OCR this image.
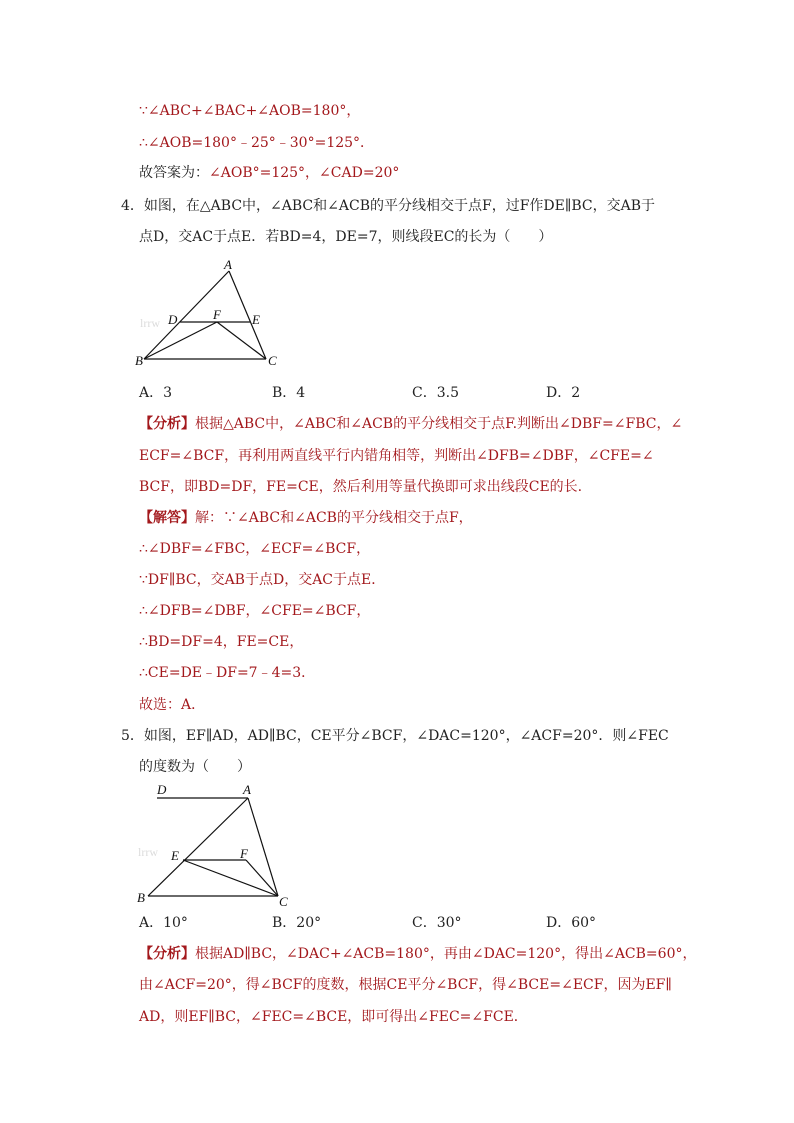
∵∠ABC+∠BAC+∠AOB=180°，
∴∠AOB=180°﹣25°﹣30°=125°．
故答案为：∠AOB°=125°，∠CAD=20°
4．如图，在△ABC中，∠ABC和∠ACB的平分线相交于点F，过F作DE∥BC，交AB于
点D，交AC于点E．若BD=4，DE=7，则线段EC的长为（　　）
lrrw
A
D	F E
B	C
A．3	B．4	C．3.5	D．2
【分析】根据△ABC中，∠ABC和∠ACB的平分线相交于点F.判断出∠DBF=∠FBC，∠
ECF=∠BCF，再利用两直线平行内错角相等，判断出∠DFB=∠DBF，∠CFE=∠
BCF，即BD=DF，FE=CE，然后利用等量代换即可求出线段CE的长.
【解答】解：∵∠ABC和∠ACB的平分线相交于点F，
∴∠DBF=∠FBC，∠ECF=∠BCF，
∵DF∥BC，交AB于点D，交AC于点E．
∴∠DFB=∠DBF，∠CFE=∠BCF，
∴BD=DF=4，FE=CE，
∴CE=DE﹣DF=7﹣4=3．
故选：A．
5．如图，EF∥AD，AD∥BC，CE平分∠BCF，∠DAC=120°，∠ACF=20°．则∠FEC
的度数为（　　）
lrrw
D	A
E	F
B	C
A．10°	B．20°	C．30°	D．60°
【分析】根据AD∥BC，∠DAC+∠ACB=180°，再由∠DAC=120°，得出∠ACB=60°，
由∠ACF=20°，得∠BCF的度数，根据CE平分∠BCF，得∠BCE=∠ECF，因为EF∥
AD，则EF∥BC，∠FEC=∠BCE，即可得出∠FEC=∠FCE．
